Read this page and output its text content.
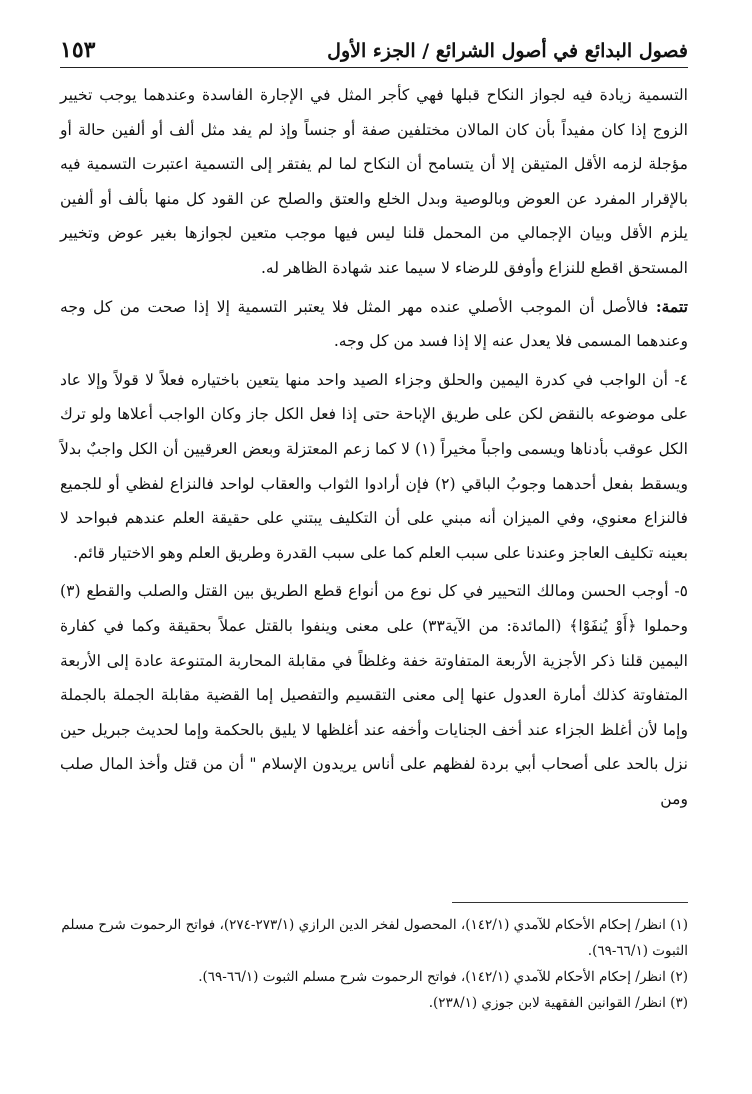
فصول البدائع في أصول الشرائع / الجزء الأول
١٥٣

التسمية زيادة فيه لجواز النكاح قبلها فهي كأجر المثل في الإجارة الفاسدة وعندهما يوجب تخيير الزوج إذا كان مفيداً بأن كان المالان مختلفين صفة أو جنساً وإذ لم يفد مثل ألف أو ألفين حالة أو مؤجلة لزمه الأقل المتيقن إلا أن يتسامح أن النكاح لما لم يفتقر إلى التسمية اعتبرت التسمية فيه بالإقرار المفرد عن العوض وبالوصية وبدل الخلع والعتق والصلح عن القود كل منها بألف أو ألفين يلزم الأقل وبيان الإجمالي من المحمل قلنا ليس فيها موجب متعين لجوازها بغير عوض وتخيير المستحق اقطع للنزاع وأوفق للرضاء لا سيما عند شهادة الظاهر له.

تتمة: فالأصل أن الموجب الأصلي عنده مهر المثل فلا يعتبر التسمية إلا إذا صحت من كل وجه وعندهما المسمى فلا يعدل عنه إلا إذا فسد من كل وجه.

٤- أن الواجب في كدرة اليمين والحلق وجزاء الصيد واحد منها يتعين باختياره فعلاً لا قولاً وإلا عاد على موضوعه بالنقض لكن على طريق الإباحة حتى إذا فعل الكل جاز وكان الواجب أعلاها ولو ترك الكل عوقب بأدناها ويسمى واجباً مخيراً (١) لا كما زعم المعتزلة وبعض العرقيين أن الكل واجبٌ بدلاً ويسقط بفعل أحدهما وجوبُ الباقي (٢) فإن أرادوا الثواب والعقاب لواحد فالنزاع لفظي أو للجميع فالنزاع معنوي، وفي الميزان أنه مبني على أن التكليف يبتني على حقيقة العلم عندهم فبواحد لا بعينه تكليف العاجز وعندنا على سبب العلم كما على سبب القدرة وطريق العلم وهو الاختيار قائم.

٥- أوجب الحسن ومالك التحيير في كل نوع من أنواع قطع الطريق بين القتل والصلب والقطع (٣) وحملوا ﴿أَوْ يُنفَوْا﴾ (المائدة: من الآية٣٣) على معنى وينفوا بالقتل عملاً بحقيقة وكما في كفارة اليمين قلنا ذكر الأجزية الأربعة المتفاوتة خفة وغلظاً في مقابلة المحاربة المتنوعة عادة إلى الأربعة المتفاوتة كذلك أمارة العدول عنها إلى معنى التقسيم والتفصيل إما القضية مقابلة الجملة بالجملة وإما لأن أغلظ الجزاء عند أخف الجنايات وأخفه عند أغلظها لا يليق بالحكمة وإما لحديث جبريل حين نزل بالحد على أصحاب أبي بردة لفظهم على أناس يريدون الإسلام " أن من قتل وأخذ المال صلب ومن

(١) انظر/ إحكام الأحكام للآمدي (١٤٢/١)، المحصول لفخر الدين الرازي (٢٧٣/١-٢٧٤)، فواتح الرحموت شرح مسلم الثبوت (٦٦/١-٦٩).
(٢) انظر/ إحكام الأحكام للآمدي (١٤٢/١)، فواتح الرحموت شرح مسلم الثبوت (٦٦/١-٦٩).
(٣) انظر/ القوانين الفقهية لابن جوزي (٢٣٨/١).
